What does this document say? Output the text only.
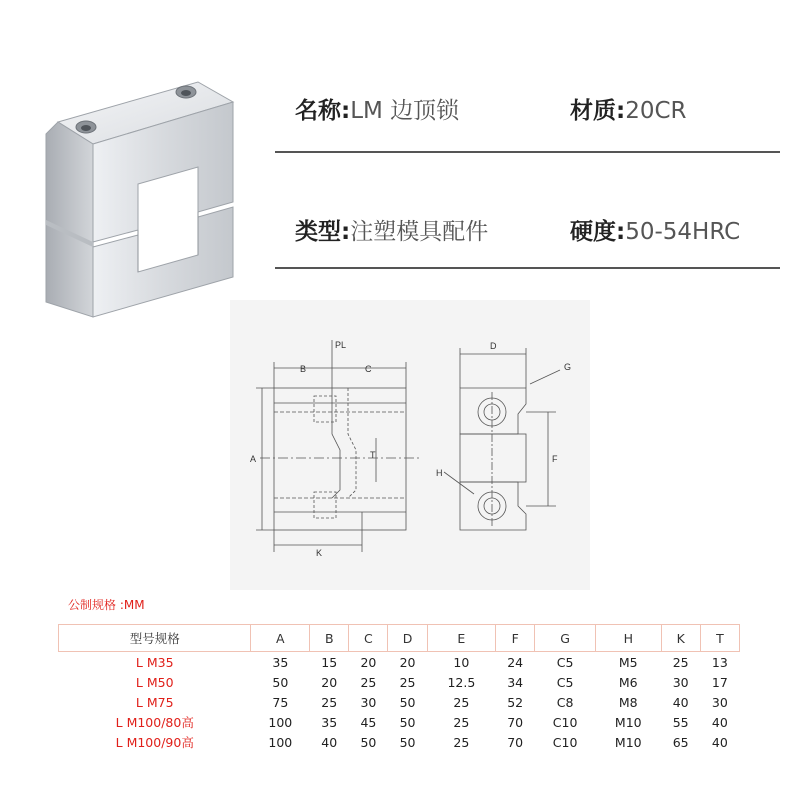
名称:LM 边顶锁	材质:20CR
类型:注塑模具配件	硬度:50-54HRC
B	C
PL
A	T
K
D
G
F
H
公制规格 :MM
型号规格	A	B	C	D	E	F	G	H	K	T
L M35	35	15	20	20	10	24	C5	M5	25	13
L M50	50	20	25	25	12.5	34	C5	M6	30	17
L M75	75	25	30	50	25	52	C8	M8	40	30
L M100/80高	100	35	45	50	25	70	C10	M10	55	40
L M100/90高	100	40	50	50	25	70	C10	M10	65	40
